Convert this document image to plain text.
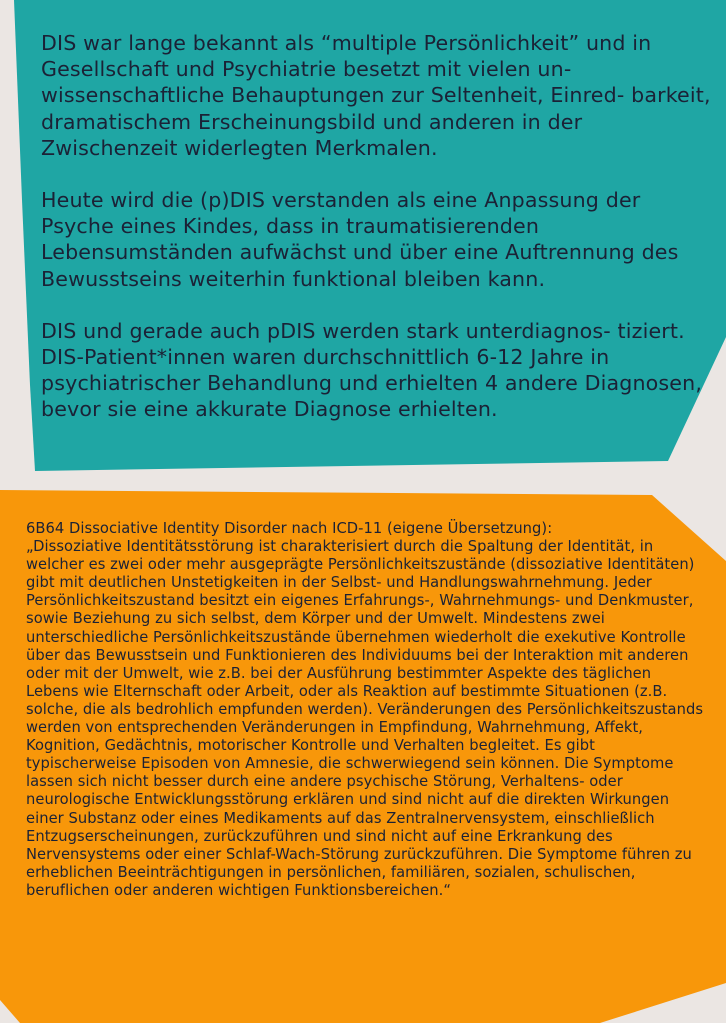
DIS war lange bekannt als “multiple Persönlichkeit” und in Gesellschaft und Psychiatrie besetzt mit vielen un- wissenschaftliche Behauptungen zur Seltenheit, Einred- barkeit, dramatischem Erscheinungsbild und anderen in der Zwischenzeit widerlegten Merkmalen.

Heute wird die (p)DIS verstanden als eine Anpassung der Psyche eines Kindes, dass in traumatisierenden Lebensumständen aufwächst und über eine Auftrennung des Bewusstseins weiterhin funktional bleiben kann.

DIS und gerade auch pDIS werden stark unterdiagnos- tiziert. DIS-Patient*innen waren durchschnittlich 6-12 Jahre in psychiatrischer Behandlung und erhielten 4 andere Diagnosen, bevor sie eine akkurate Diagnose erhielten.

6B64 Dissociative Identity Disorder nach ICD-11 (eigene Übersetzung):

„Dissoziative Identitätsstörung ist charakterisiert durch die Spaltung der Identität, in welcher es zwei oder mehr ausgeprägte Persönlichkeitszustände (dissoziative Identitäten) gibt mit deutlichen Unstetigkeiten in der Selbst- und Handlungswahrnehmung. Jeder Persönlichkeitszustand besitzt ein eigenes Erfahrungs-, Wahrnehmungs- und Denkmuster, sowie Beziehung zu sich selbst, dem Körper und der Umwelt. Mindestens zwei unterschiedliche Persönlichkeitszustände übernehmen wiederholt die exekutive Kontrolle über das Bewusstsein und Funktionieren des Individuums bei der Interaktion mit anderen oder mit der Umwelt, wie z.B. bei der Ausführung bestimmter Aspekte des täglichen Lebens wie Elternschaft oder Arbeit, oder als Reaktion auf bestimmte Situationen (z.B. solche, die als bedrohlich empfunden werden). Veränderungen des Persönlichkeitszustands werden von entsprechenden Veränderungen in Empfindung, Wahrnehmung, Affekt, Kognition, Gedächtnis, motorischer Kontrolle und Verhalten begleitet. Es gibt typischerweise Episoden von Amnesie, die schwerwiegend sein können. Die Symptome lassen sich nicht besser durch eine andere psychische Störung, Verhaltens- oder neurologische Entwicklungsstörung erklären und sind nicht auf die direkten Wirkungen einer Substanz oder eines Medikaments auf das Zentralnervensystem, einschließlich Entzugserscheinungen, zurückzuführen und sind nicht auf eine Erkrankung des Nervensystems oder einer Schlaf-Wach-Störung zurückzuführen. Die Symptome führen zu erheblichen Beeinträchtigungen in persönlichen, familiären, sozialen, schulischen, beruflichen oder anderen wichtigen Funktionsbereichen.“
